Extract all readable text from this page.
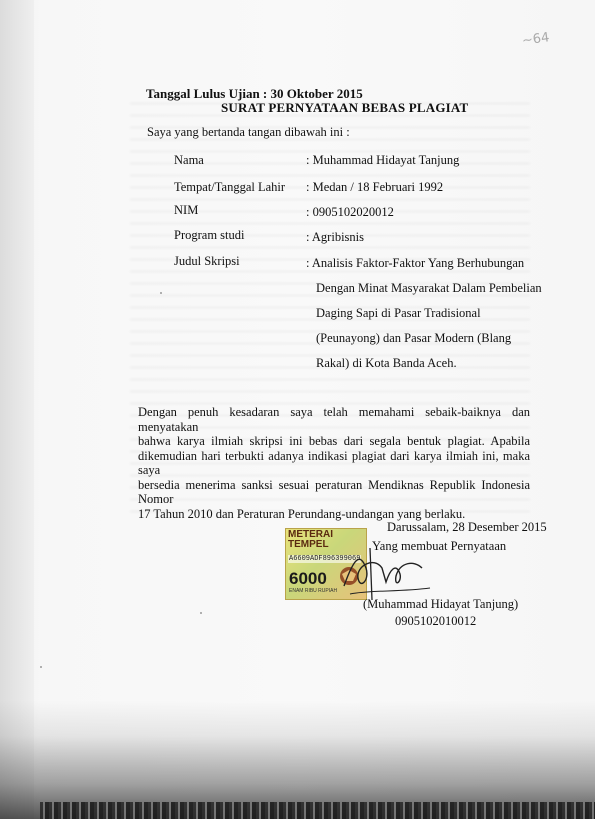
~64
Tanggal Lulus Ujian : 30 Oktober 2015
SURAT PERNYATAAN BEBAS PLAGIAT
Saya yang bertanda tangan dibawah ini :
Nama	: Muhammad Hidayat Tanjung
Tempat/Tanggal Lahir : Medan / 18 Februari 1992
NIM	: 0905102020012
Program studi	: Agribisnis
Judul Skripsi	: Analisis Faktor-Faktor Yang Berhubungan
Dengan Minat Masyarakat Dalam Pembelian
Daging Sapi di Pasar Tradisional
(Peunayong) dan Pasar Modern (Blang
Rakal) di Kota Banda Aceh.
Dengan penuh kesadaran saya telah memahami sebaik-baiknya dan menyatakan
bahwa karya ilmiah skripsi ini bebas dari segala bentuk plagiat. Apabila
dikemudian hari terbukti adanya indikasi plagiat dari karya ilmiah ini, maka saya
bersedia menerima sanksi sesuai peraturan Mendiknas Republik Indonesia Nomor
17 Tahun 2010 dan Peraturan Perundang-undangan yang berlaku.
Darussalam, 28 Desember 2015
METERAI
TEMPEL
A6609ADF896399069
6000
ENAM RIBU RUPIAH
Yang membuat Pernyataan
(Muhammad Hidayat Tanjung)
0905102010012
